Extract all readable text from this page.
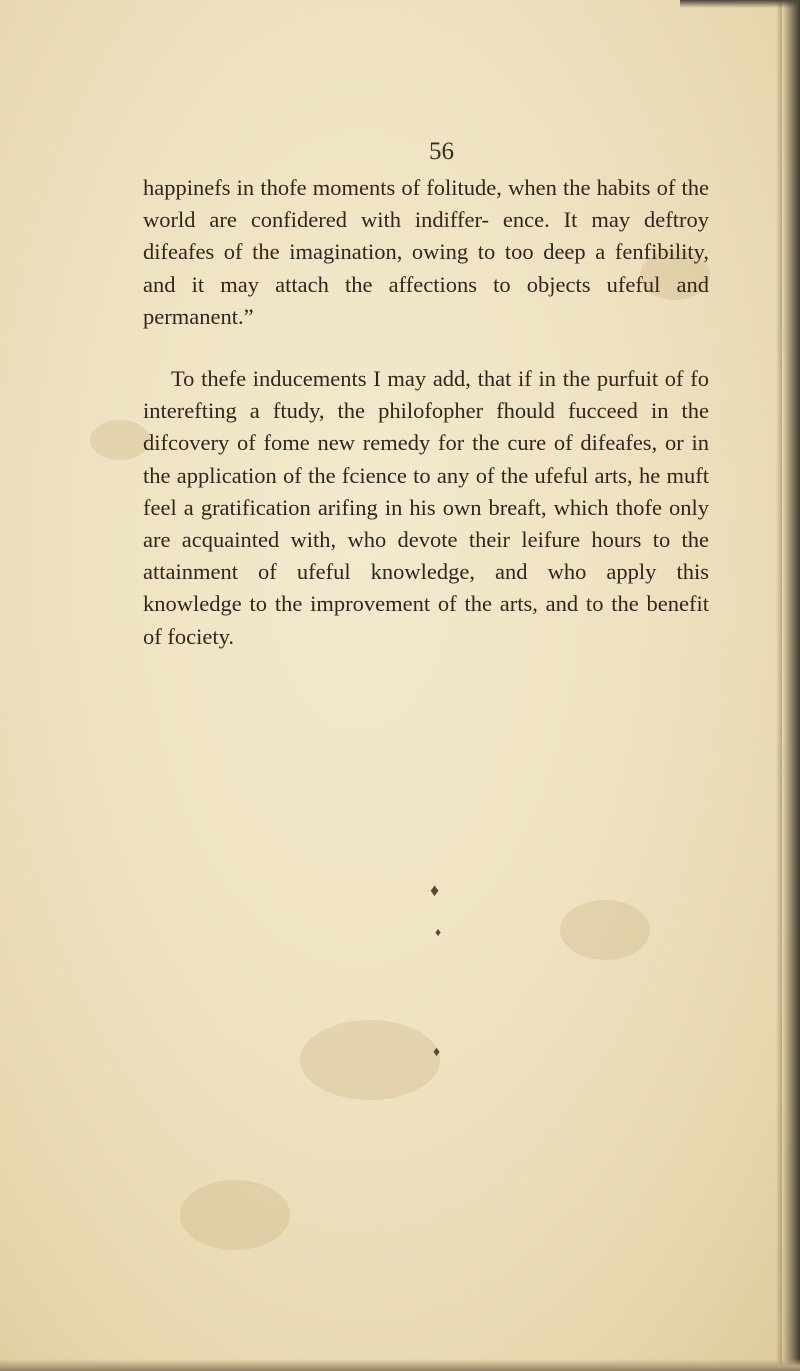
56

happinefs in thofe moments of folitude, when the habits of the world are confidered with indiffer- ence. It may deftroy difeafes of the imagination, owing to too deep a fenfibility, and it may attach the affections to objects ufeful and permanent.”

To thefe inducements I may add, that if in the purfuit of fo interefting a ftudy, the philofopher fhould fucceed in the difcovery of fome new remedy for the cure of difeafes, or in the application of the fcience to any of the ufeful arts, he muft feel a gratification arifing in his own breaft, which thofe only are acquainted with, who devote their leifure hours to the attainment of ufeful knowledge, and who apply this knowledge to the improvement of the arts, and to the benefit of fociety.

♦
♦
♦
